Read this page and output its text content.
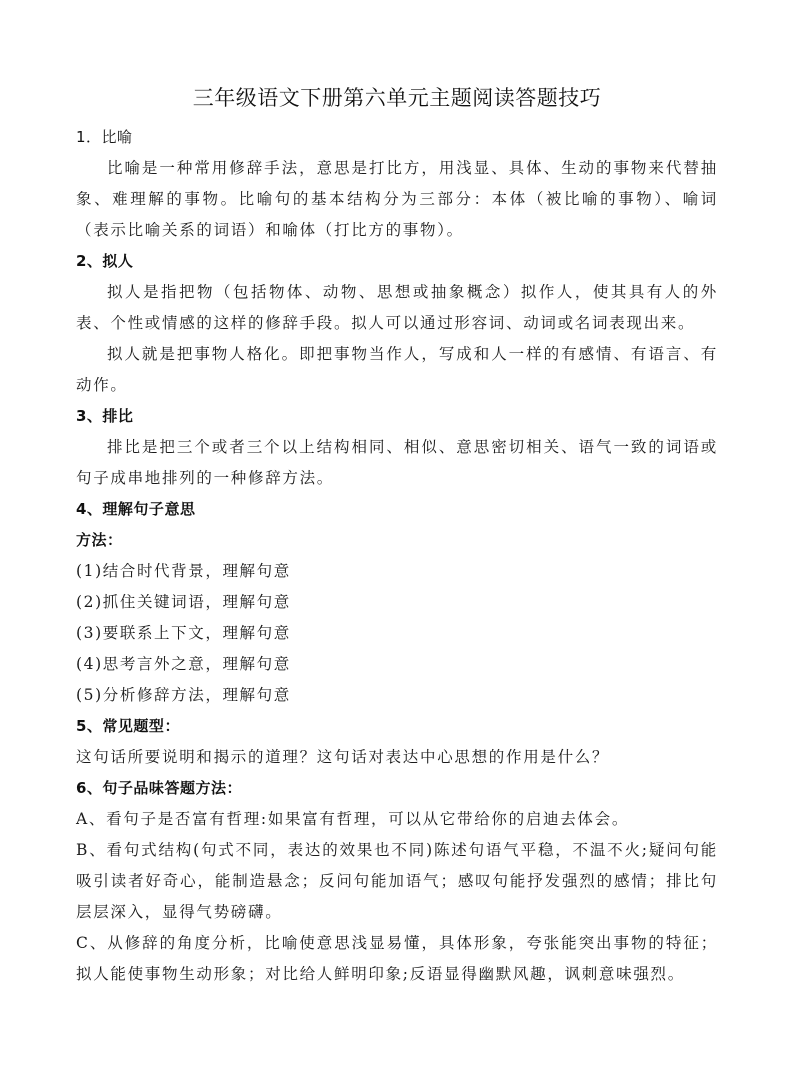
三年级语文下册第六单元主题阅读答题技巧
1．比喻

比喻是一种常用修辞手法，意思是打比方，用浅显、具体、生动的事物来代替抽象、难理解的事物。比喻句的基本结构分为三部分：本体（被比喻的事物）、喻词（表示比喻关系的词语）和喻体（打比方的事物）。

2、拟人

拟人是指把物（包括物体、动物、思想或抽象概念）拟作人，使其具有人的外表、个性或情感的这样的修辞手段。拟人可以通过形容词、动词或名词表现出来。

拟人就是把事物人格化。即把事物当作人，写成和人一样的有感情、有语言、有动作。

3、排比

排比是把三个或者三个以上结构相同、相似、意思密切相关、语气一致的词语或句子成串地排列的一种修辞方法。

4、理解句子意思
方法：
(1)结合时代背景，理解句意
(2)抓住关键词语，理解句意
(3)要联系上下文，理解句意
(4)思考言外之意，理解句意
(5)分析修辞方法，理解句意
5、常见题型：

这句话所要说明和揭示的道理？这句话对表达中心思想的作用是什么？

6、句子品味答题方法：

A、看句子是否富有哲理:如果富有哲理，可以从它带给你的启迪去体会。

B、看句式结构(句式不同，表达的效果也不同)陈述句语气平稳，不温不火;疑问句能吸引读者好奇心，能制造悬念；反问句能加语气；感叹句能抒发强烈的感情；排比句层层深入，显得气势磅礴。

C、从修辞的角度分析，比喻使意思浅显易懂，具体形象，夸张能突出事物的特征；拟人能使事物生动形象；对比给人鲜明印象;反语显得幽默风趣，讽刺意味强烈。
